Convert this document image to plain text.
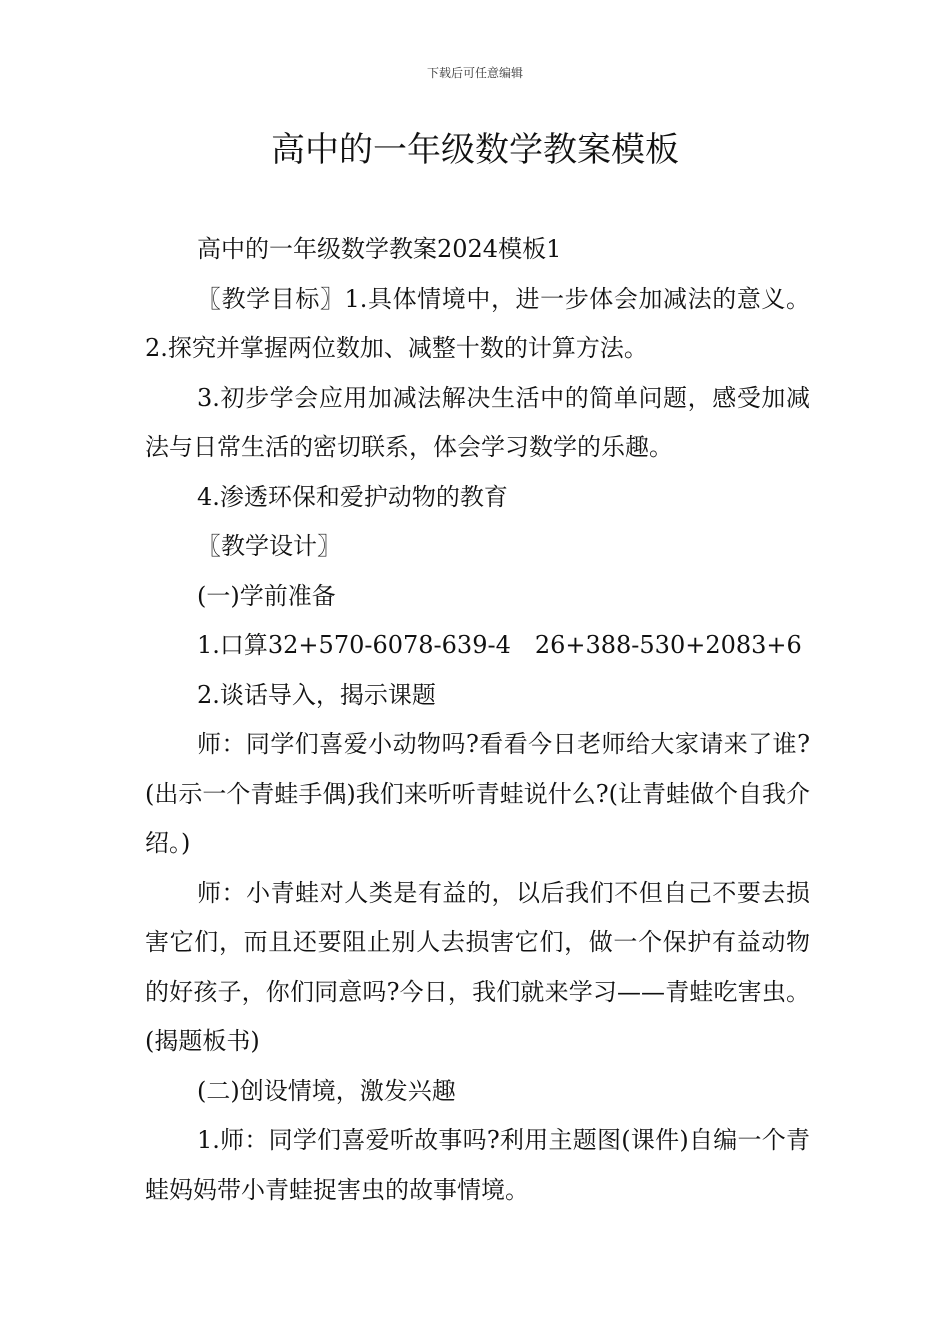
下载后可任意编辑
高中的一年级数学教案模板

高中的一年级数学教案2024模板1

〖教学目标〗1.具体情境中，进一步体会加减法的意义。2.探究并掌握两位数加、减整十数的计算方法。

3.初步学会应用加减法解决生活中的简单问题，感受加减法与日常生活的密切联系，体会学习数学的乐趣。

4.渗透环保和爱护动物的教育

〖教学设计〗

(一)学前准备

1.口算32+570-6078-639-4　26+388-530+2083+6

2.谈话导入，揭示课题

师：同学们喜爱小动物吗?看看今日老师给大家请来了谁?(出示一个青蛙手偶)我们来听听青蛙说什么?(让青蛙做个自我介绍。)

师：小青蛙对人类是有益的，以后我们不但自己不要去损害它们，而且还要阻止别人去损害它们，做一个保护有益动物的好孩子，你们同意吗?今日，我们就来学习——青蛙吃害虫。(揭题板书)

(二)创设情境，激发兴趣

1.师：同学们喜爱听故事吗?利用主题图(课件)自编一个青蛙妈妈带小青蛙捉害虫的故事情境。
